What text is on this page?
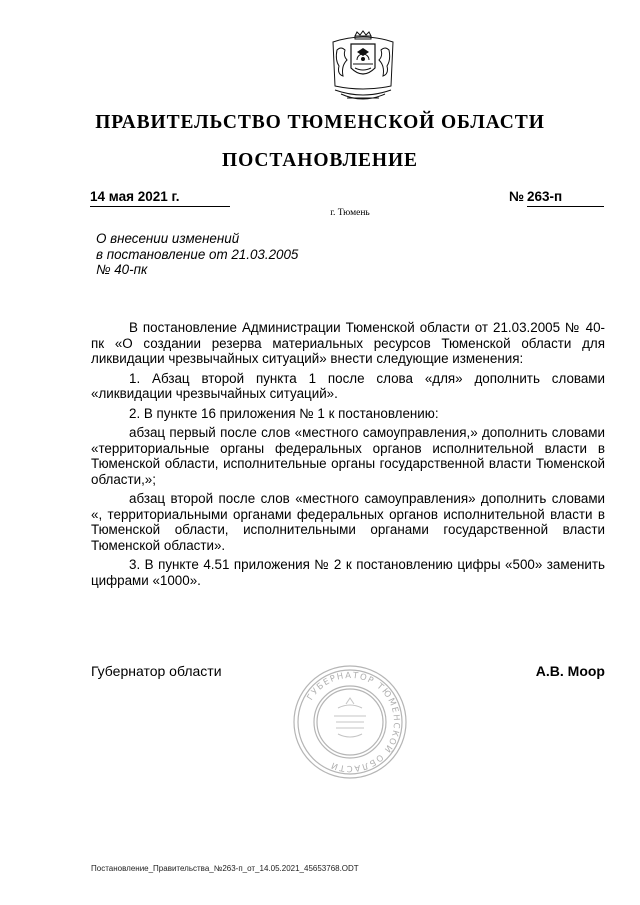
ПРАВИТЕЛЬСТВО ТЮМЕНСКОЙ ОБЛАСТИ
ПОСТАНОВЛЕНИЕ
14 мая 2021 г.	№ 263-п
г. Тюмень
О внесении изменений
в постановление от 21.03.2005
№ 40-пк

В постановление Администрации Тюменской области от 21.03.2005 № 40-пк «О создании резерва материальных ресурсов Тюменской области для ликвидации чрезвычайных ситуаций» внести следующие изменения:

1. Абзац второй пункта 1 после слова «для» дополнить словами «ликвидации чрезвычайных ситуаций».

2. В пункте 16 приложения № 1 к постановлению:

абзац первый после слов «местного самоуправления,» дополнить словами «территориальные органы федеральных органов исполнительной власти в Тюменской области, исполнительные органы государственной власти Тюменской области,»;

абзац второй после слов «местного самоуправления» дополнить словами «, территориальными органами федеральных органов исполнительной власти в Тюменской области, исполнительными органами государственной власти Тюменской области».

3. В пункте 4.51 приложения № 2 к постановлению цифры «500» заменить цифрами «1000».

Губернатор области
ГУБЕРНАТОР ТЮМЕНСКОЙ ОБЛАСТИ
А.В. Моор
Постановление_Правительства_№263-п_от_14.05.2021_45653768.ODT
